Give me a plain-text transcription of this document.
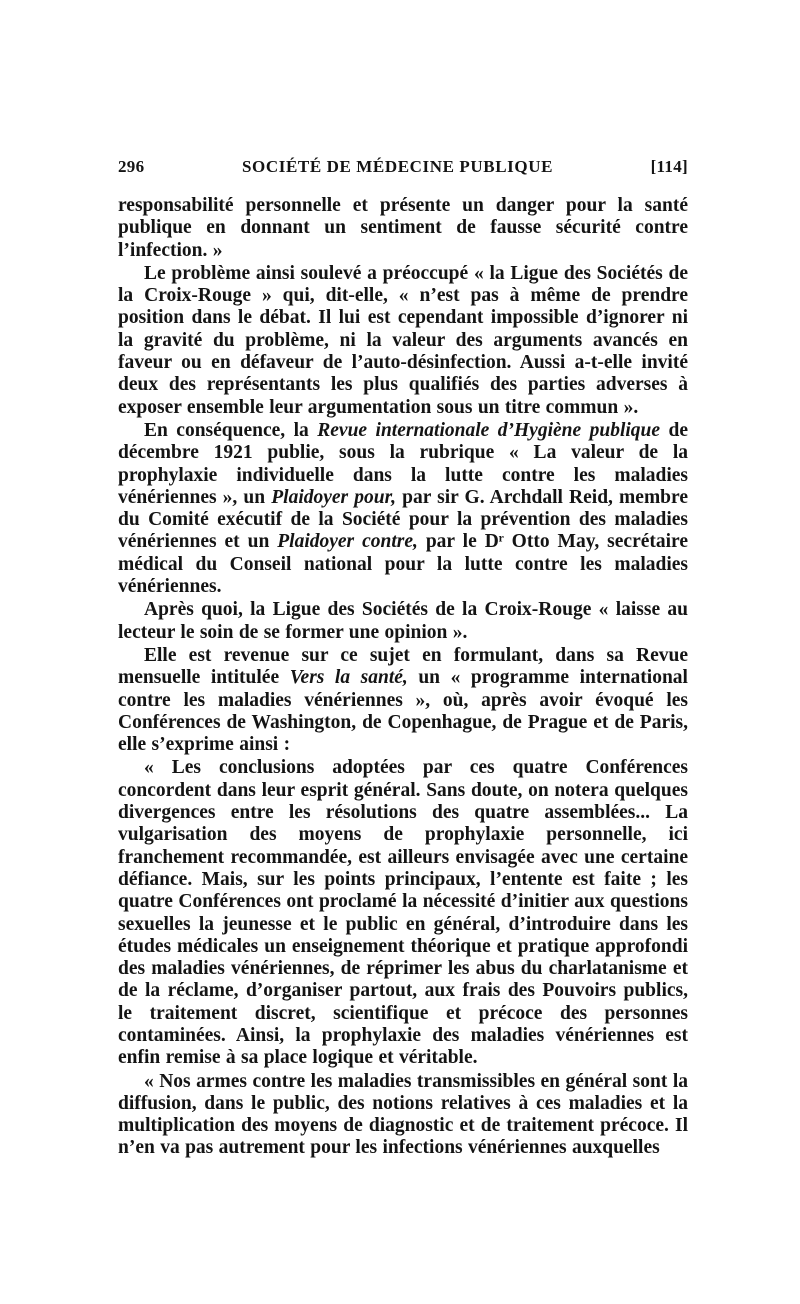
296	SOCIÉTÉ DE MÉDECINE PUBLIQUE	[114]

responsabilité personnelle et présente un danger pour la santé publique en donnant un sentiment de fausse sécurité contre l’infection. »

Le problème ainsi soulevé a préoccupé « la Ligue des Sociétés de la Croix-Rouge » qui, dit-elle, « n’est pas à même de prendre position dans le débat. Il lui est cependant impossible d’ignorer ni la gravité du problème, ni la valeur des arguments avancés en faveur ou en défaveur de l’auto-désinfection. Aussi a-t-elle invité deux des représentants les plus qualifiés des parties adverses à exposer ensemble leur argumentation sous un titre commun ».

En conséquence, la Revue internationale d’Hygiène publique de décembre 1921 publie, sous la rubrique « La valeur de la prophylaxie individuelle dans la lutte contre les maladies vénériennes », un Plaidoyer pour, par sir G. Archdall Reid, membre du Comité exécutif de la Société pour la prévention des maladies vénériennes et un Plaidoyer contre, par le Dʳ Otto May, secrétaire médical du Conseil national pour la lutte contre les maladies vénériennes.

Après quoi, la Ligue des Sociétés de la Croix-Rouge « laisse au lecteur le soin de se former une opinion ».

Elle est revenue sur ce sujet en formulant, dans sa Revue mensuelle intitulée Vers la santé, un « programme international contre les maladies vénériennes », où, après avoir évoqué les Conférences de Washington, de Copenhague, de Prague et de Paris, elle s’exprime ainsi :

« Les conclusions adoptées par ces quatre Conférences concordent dans leur esprit général. Sans doute, on notera quelques divergences entre les résolutions des quatre assemblées... La vulgarisation des moyens de prophylaxie personnelle, ici franchement recommandée, est ailleurs envisagée avec une certaine défiance. Mais, sur les points principaux, l’entente est faite ; les quatre Conférences ont proclamé la nécessité d’initier aux questions sexuelles la jeunesse et le public en général, d’introduire dans les études médicales un enseignement théorique et pratique approfondi des maladies vénériennes, de réprimer les abus du charlatanisme et de la réclame, d’organiser partout, aux frais des Pouvoirs publics, le traitement discret, scientifique et précoce des personnes contaminées. Ainsi, la prophylaxie des maladies vénériennes est enfin remise à sa place logique et véritable.

« Nos armes contre les maladies transmissibles en général sont la diffusion, dans le public, des notions relatives à ces maladies et la multiplication des moyens de diagnostic et de traitement précoce. Il n’en va pas autrement pour les infections vénériennes auxquelles
